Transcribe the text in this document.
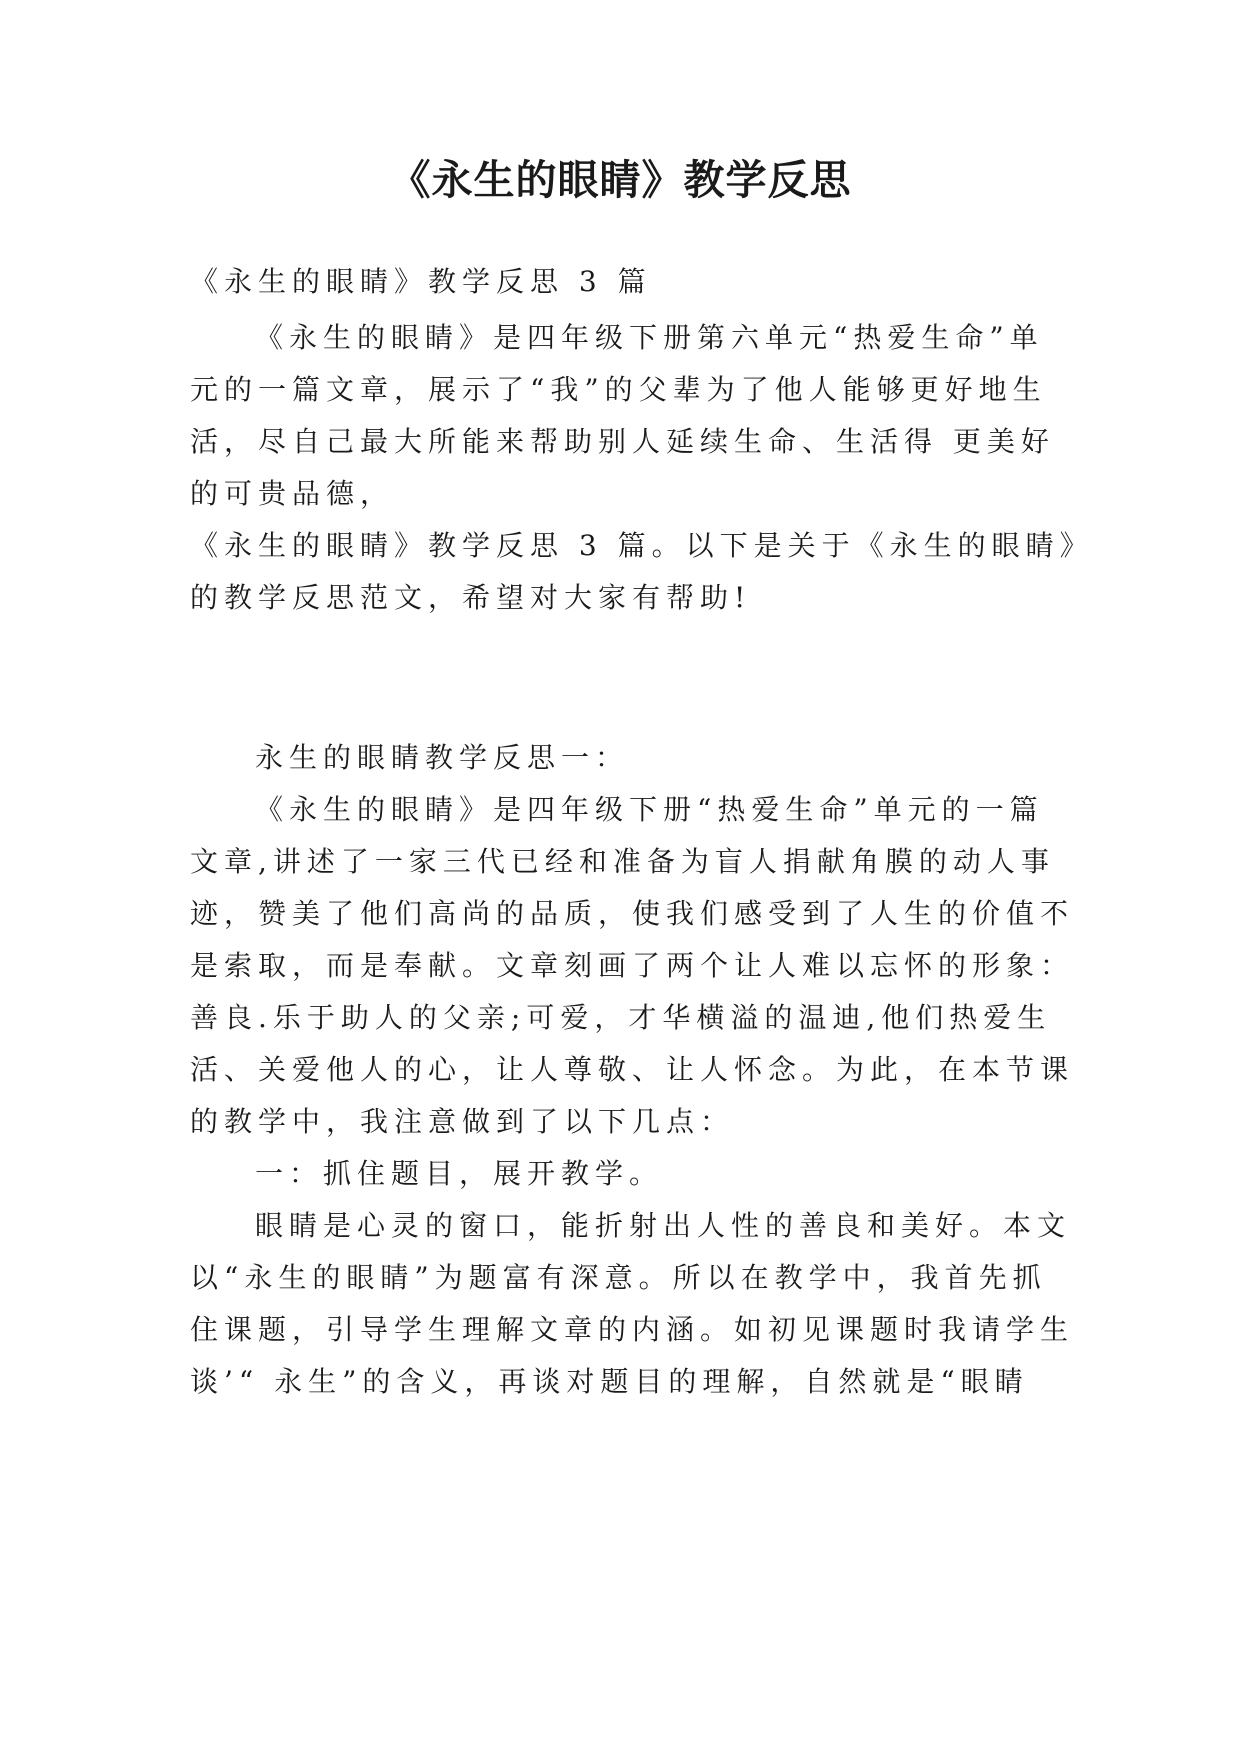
《永生的眼睛》教学反思

《永生的眼睛》教学反思 3 篇

《永生的眼睛》是四年级下册第六单元“热爱生命”单

元的一篇文章，展示了“我”的父辈为了他人能够更好地生

活，尽自己最大所能来帮助别人延续生命、生活得 更美好

的可贵品德，

《永生的眼睛》教学反思 3 篇。以下是关于《永生的眼睛》

的教学反思范文，希望对大家有帮助!

永生的眼睛教学反思一：

《永生的眼睛》是四年级下册“热爱生命”单元的一篇

文章,讲述了一家三代已经和准备为盲人捐献角膜的动人事

迹，赞美了他们高尚的品质，使我们感受到了人生的价值不

是索取，而是奉献。文章刻画了两个让人难以忘怀的形象：

善良.乐于助人的父亲;可爱，才华横溢的温迪,他们热爱生

活、关爱他人的心，让人尊敬、让人怀念。为此，在本节课

的教学中，我注意做到了以下几点：

一：抓住题目，展开教学。

眼睛是心灵的窗口，能折射出人性的善良和美好。本文

以“永生的眼睛”为题富有深意。所以在教学中，我首先抓

住课题，引导学生理解文章的内涵。如初见课题时我请学生

谈’“ 永生”的含义，再谈对题目的理解，自然就是“眼睛
